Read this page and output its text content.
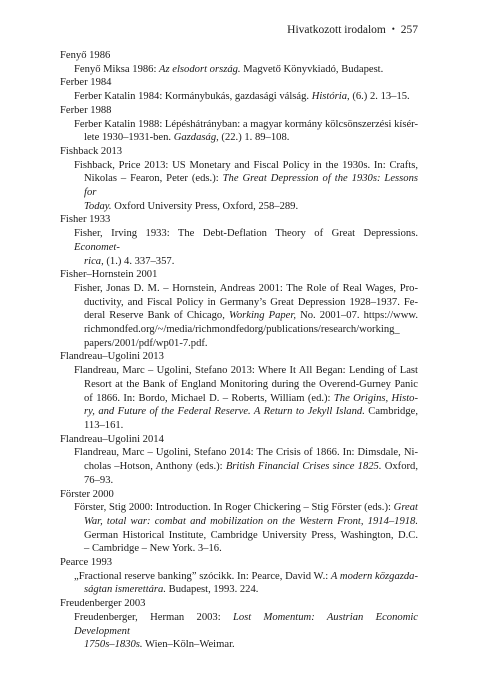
Hivatkozott irodalom • 257
Fenyő 1986
Fenyő Miksa 1986: Az elsodort ország. Magvető Könyvkiadó, Budapest.
Ferber 1984
Ferber Katalin 1984: Kormánybukás, gazdasági válság. História, (6.) 2. 13–15.
Ferber 1988
Ferber Katalin 1988: Lépéshátrányban: a magyar kormány kölcsönszerzési kísér-
lete 1930–1931-ben. Gazdaság, (22.) 1. 89–108.
Fishback 2013
Fishback, Price 2013: US Monetary and Fiscal Policy in the 1930s. In: Crafts,
Nikolas – Fearon, Peter (eds.): The Great Depression of the 1930s: Lessons for
Today. Oxford University Press, Oxford, 258–289.
Fisher 1933
Fisher, Irving 1933: The Debt-Deflation Theory of Great Depressions. Economet-
rica, (1.) 4. 337–357.
Fisher–Hornstein 2001
Fisher, Jonas D. M. – Hornstein, Andreas 2001: The Role of Real Wages, Pro-
ductivity, and Fiscal Policy in Germany’s Great Depression 1928–1937. Fe-
deral Reserve Bank of Chicago, Working Paper, No. 2001–07. https://www.
richmondfed.org/~/media/richmondfedorg/publications/research/working_
papers/2001/pdf/wp01-7.pdf.
Flandreau–Ugolini 2013
Flandreau, Marc – Ugolini, Stefano 2013: Where It All Began: Lending of Last
Resort at the Bank of England Monitoring during the Overend-Gurney Panic
of 1866. In: Bordo, Michael D. – Roberts, William (ed.): The Origins, Histo-
ry, and Future of the Federal Reserve. A Return to Jekyll Island. Cambridge,
113–161.
Flandreau–Ugolini 2014
Flandreau, Marc – Ugolini, Stefano 2014: The Crisis of 1866. In: Dimsdale, Ni-
cholas –Hotson, Anthony (eds.): British Financial Crises since 1825. Oxford,
76–93.
Förster 2000
Förster, Stig 2000: Introduction. In Roger Chickering – Stig Förster (eds.): Great
War, total war: combat and mobilization on the Western Front, 1914–1918.
German Historical Institute, Cambridge University Press, Washington, D.C.
– Cambridge – New York. 3–16.
Pearce 1993
„Fractional reserve banking” szócikk. In: Pearce, David W.: A modern közgazda-
ságtan ismerettára. Budapest, 1993. 224.
Freudenberger 2003
Freudenberger, Herman 2003: Lost Momentum: Austrian Economic Development
1750s–1830s. Wien–Köln–Weimar.
